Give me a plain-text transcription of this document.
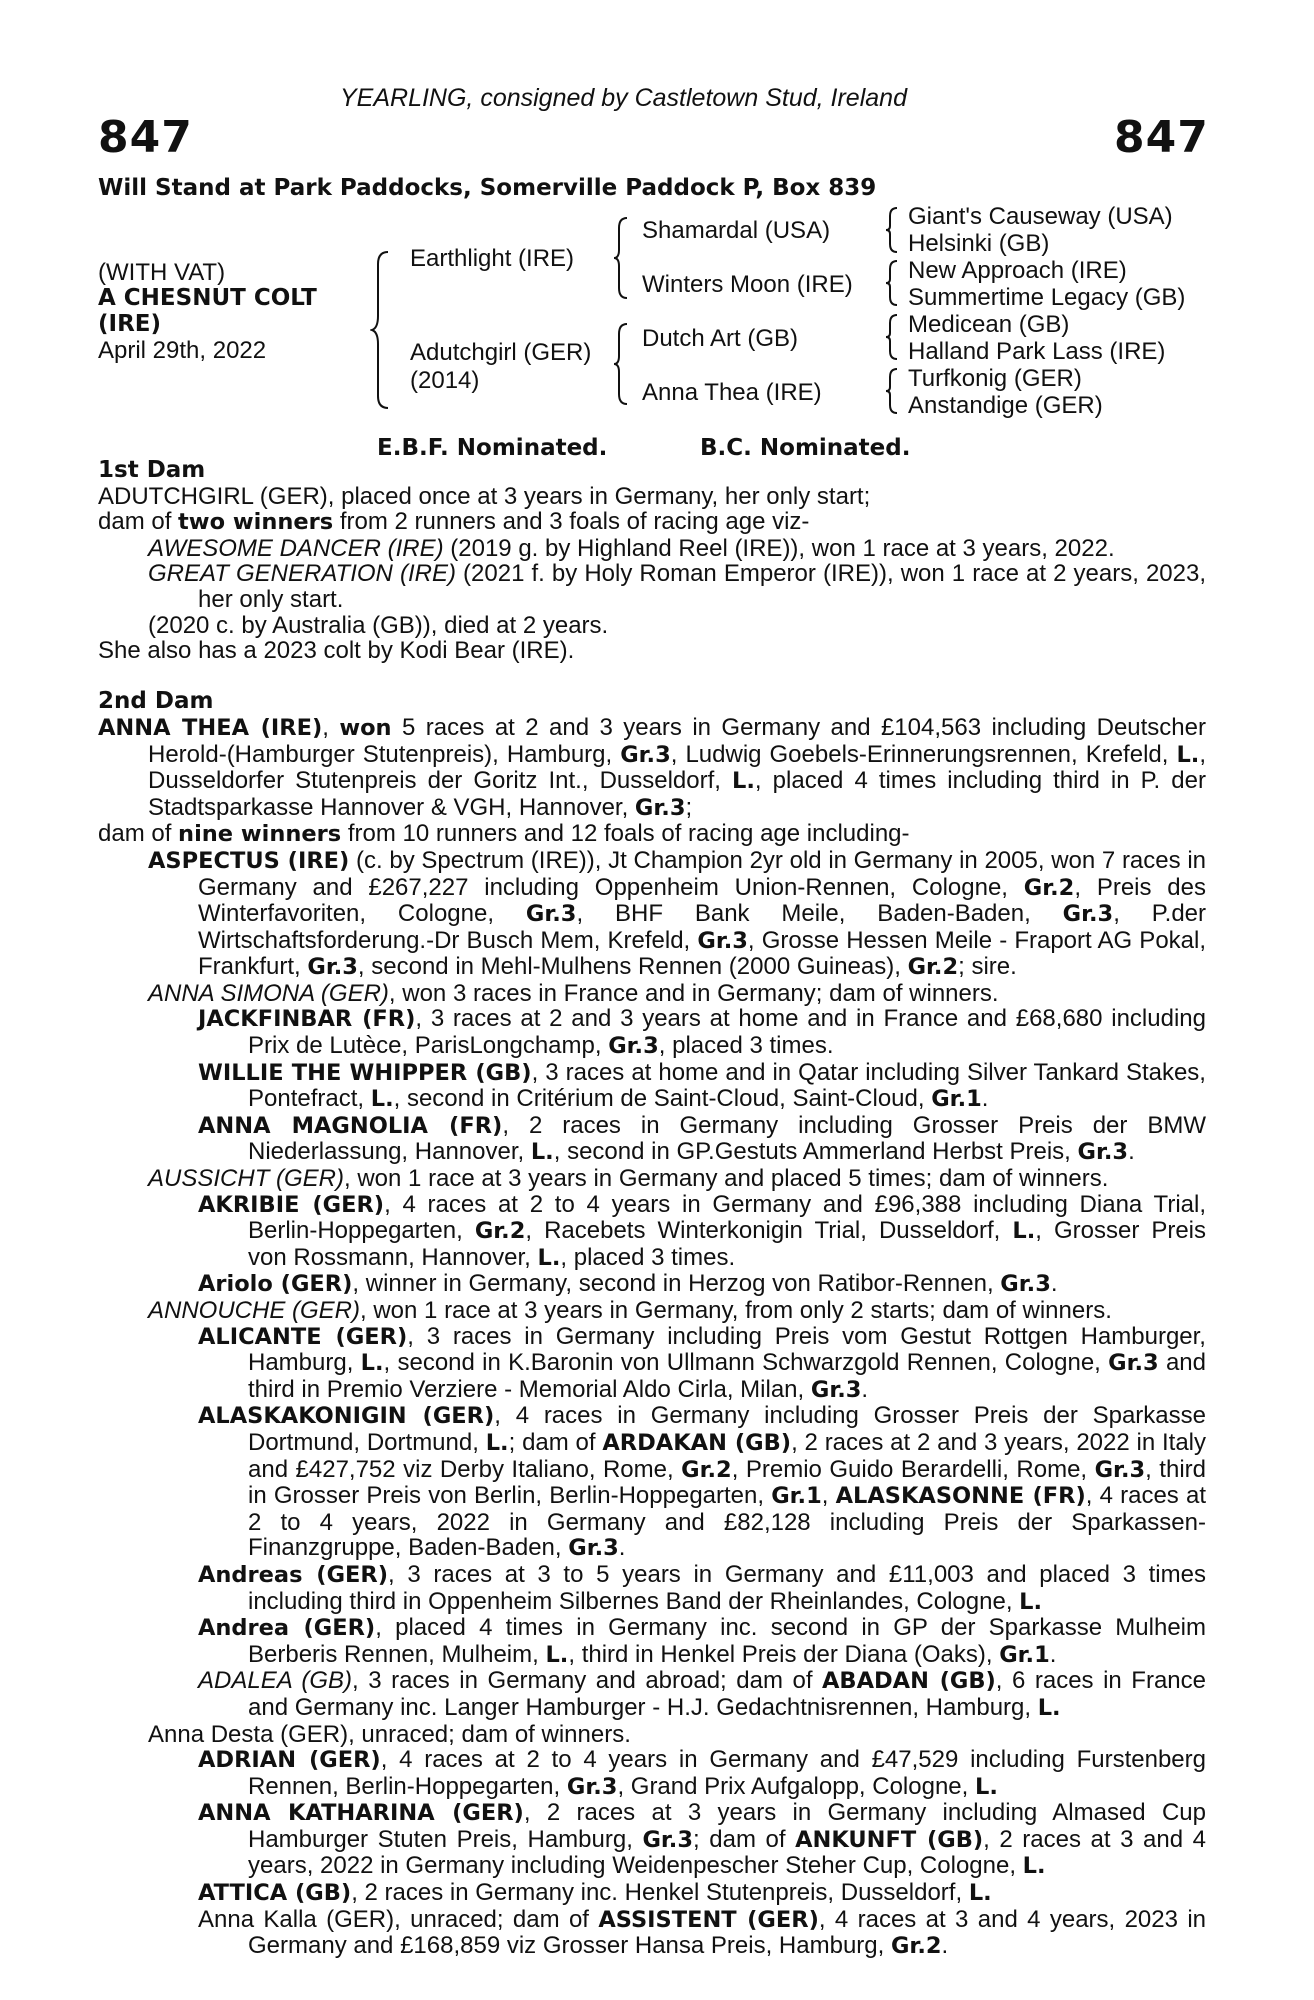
YEARLING, consigned by Castletown Stud, Ireland
847	847
Will Stand at Park Paddocks, Somerville Paddock P, Box 839
(WITH VAT)
A CHESNUT COLT
(IRE)
April 29th, 2022
Earthlight (IRE)
Adutchgirl (GER)
(2014)
Shamardal (USA)
Winters Moon (IRE)
Dutch Art (GB)
Anna Thea (IRE)
Giant's Causeway (USA)
Helsinki (GB)
New Approach (IRE)
Summertime Legacy (GB)
Medicean (GB)
Halland Park Lass (IRE)
Turfkonig (GER)
Anstandige (GER)
E.B.F. Nominated.	B.C. Nominated.
1st Dam

ADUTCHGIRL (GER), placed once at 3 years in Germany, her only start;

dam of two winners from 2 runners and 3 foals of racing age viz-

AWESOME DANCER (IRE) (2019 g. by Highland Reel (IRE)), won 1 race at 3 years, 2022.

GREAT GENERATION (IRE) (2021 f. by Holy Roman Emperor (IRE)), won 1 race at 2 years, 2023, her only start.

(2020 c. by Australia (GB)), died at 2 years.

She also has a 2023 colt by Kodi Bear (IRE).

2nd Dam

ANNA THEA (IRE), won 5 races at 2 and 3 years in Germany and £104,563 including Deutscher Herold-(Hamburger Stutenpreis), Hamburg, Gr.3, Ludwig Goebels-Erinnerungsrennen, Krefeld, L., Dusseldorfer Stutenpreis der Goritz Int., Dusseldorf, L., placed 4 times including third in P. der Stadtsparkasse Hannover & VGH, Hannover, Gr.3;

dam of nine winners from 10 runners and 12 foals of racing age including-

ASPECTUS (IRE) (c. by Spectrum (IRE)), Jt Champion 2yr old in Germany in 2005, won 7 races in Germany and £267,227 including Oppenheim Union-Rennen, Cologne, Gr.2, Preis des Winterfavoriten, Cologne, Gr.3, BHF Bank Meile, Baden-Baden, Gr.3, P.der Wirtschaftsforderung.-Dr Busch Mem, Krefeld, Gr.3, Grosse Hessen Meile - Fraport AG Pokal, Frankfurt, Gr.3, second in Mehl-Mulhens Rennen (2000 Guineas), Gr.2; sire.

ANNA SIMONA (GER), won 3 races in France and in Germany; dam of winners.

JACKFINBAR (FR), 3 races at 2 and 3 years at home and in France and £68,680 including Prix de Lutèce, ParisLongchamp, Gr.3, placed 3 times.

WILLIE THE WHIPPER (GB), 3 races at home and in Qatar including Silver Tankard Stakes, Pontefract, L., second in Critérium de Saint-Cloud, Saint-Cloud, Gr.1.

ANNA MAGNOLIA (FR), 2 races in Germany including Grosser Preis der BMW Niederlassung, Hannover, L., second in GP.Gestuts Ammerland Herbst Preis, Gr.3.

AUSSICHT (GER), won 1 race at 3 years in Germany and placed 5 times; dam of winners.

AKRIBIE (GER), 4 races at 2 to 4 years in Germany and £96,388 including Diana Trial, Berlin-Hoppegarten, Gr.2, Racebets Winterkonigin Trial, Dusseldorf, L., Grosser Preis von Rossmann, Hannover, L., placed 3 times.

Ariolo (GER), winner in Germany, second in Herzog von Ratibor-Rennen, Gr.3.

ANNOUCHE (GER), won 1 race at 3 years in Germany, from only 2 starts; dam of winners.

ALICANTE (GER), 3 races in Germany including Preis vom Gestut Rottgen Hamburger, Hamburg, L., second in K.Baronin von Ullmann Schwarzgold Rennen, Cologne, Gr.3 and third in Premio Verziere - Memorial Aldo Cirla, Milan, Gr.3.

ALASKAKONIGIN (GER), 4 races in Germany including Grosser Preis der Sparkasse Dortmund, Dortmund, L.; dam of ARDAKAN (GB), 2 races at 2 and 3 years, 2022 in Italy and £427,752 viz Derby Italiano, Rome, Gr.2, Premio Guido Berardelli, Rome, Gr.3, third in Grosser Preis von Berlin, Berlin-Hoppegarten, Gr.1, ALASKASONNE (FR), 4 races at 2 to 4 years, 2022 in Germany and £82,128 including Preis der Sparkassen-Finanzgruppe, Baden-Baden, Gr.3.

Andreas (GER), 3 races at 3 to 5 years in Germany and £11,003 and placed 3 times including third in Oppenheim Silbernes Band der Rheinlandes, Cologne, L.

Andrea (GER), placed 4 times in Germany inc. second in GP der Sparkasse Mulheim Berberis Rennen, Mulheim, L., third in Henkel Preis der Diana (Oaks), Gr.1.

ADALEA (GB), 3 races in Germany and abroad; dam of ABADAN (GB), 6 races in France and Germany inc. Langer Hamburger - H.J. Gedachtnisrennen, Hamburg, L.

Anna Desta (GER), unraced; dam of winners.

ADRIAN (GER), 4 races at 2 to 4 years in Germany and £47,529 including Furstenberg Rennen, Berlin-Hoppegarten, Gr.3, Grand Prix Aufgalopp, Cologne, L.

ANNA KATHARINA (GER), 2 races at 3 years in Germany including Almased Cup Hamburger Stuten Preis, Hamburg, Gr.3; dam of ANKUNFT (GB), 2 races at 3 and 4 years, 2022 in Germany including Weidenpescher Steher Cup, Cologne, L.

ATTICA (GB), 2 races in Germany inc. Henkel Stutenpreis, Dusseldorf, L.

Anna Kalla (GER), unraced; dam of ASSISTENT (GER), 4 races at 3 and 4 years, 2023 in Germany and £168,859 viz Grosser Hansa Preis, Hamburg, Gr.2.
